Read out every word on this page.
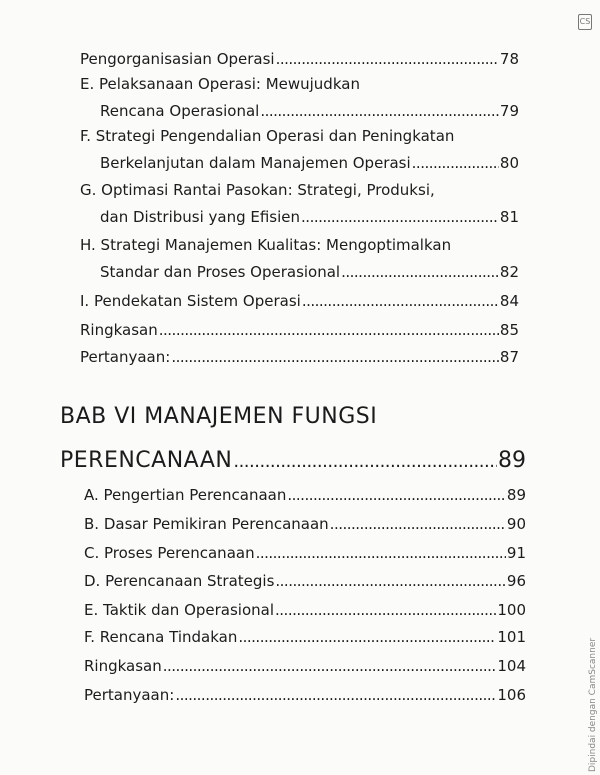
Pengorganisasian Operasi .....	78
E. Pelaksanaan Operasi: Mewujudkan
Rencana Operasional .....	79
F. Strategi Pengendalian Operasi dan Peningkatan
Berkelanjutan dalam Manajemen Operasi .....	80
G. Optimasi Rantai Pasokan: Strategi, Produksi,
dan Distribusi yang Efisien .....	81
H. Strategi Manajemen Kualitas: Mengoptimalkan
Standar dan Proses Operasional .....	82
I. Pendekatan Sistem Operasi .....	84
Ringkasan .....	85
Pertanyaan: .....	87
BAB VI MANAJEMEN FUNGSI
PERENCANAAN .....	89
A. Pengertian Perencanaan .....	89
B. Dasar Pemikiran Perencanaan .....	90
C. Proses Perencanaan .....	91
D. Perencanaan Strategis .....	96
E. Taktik dan Operasional .....	100
F. Rencana Tindakan .....	101
Ringkasan .....	104
Pertanyaan: .....	106
CS
Dipindai dengan CamScanner
